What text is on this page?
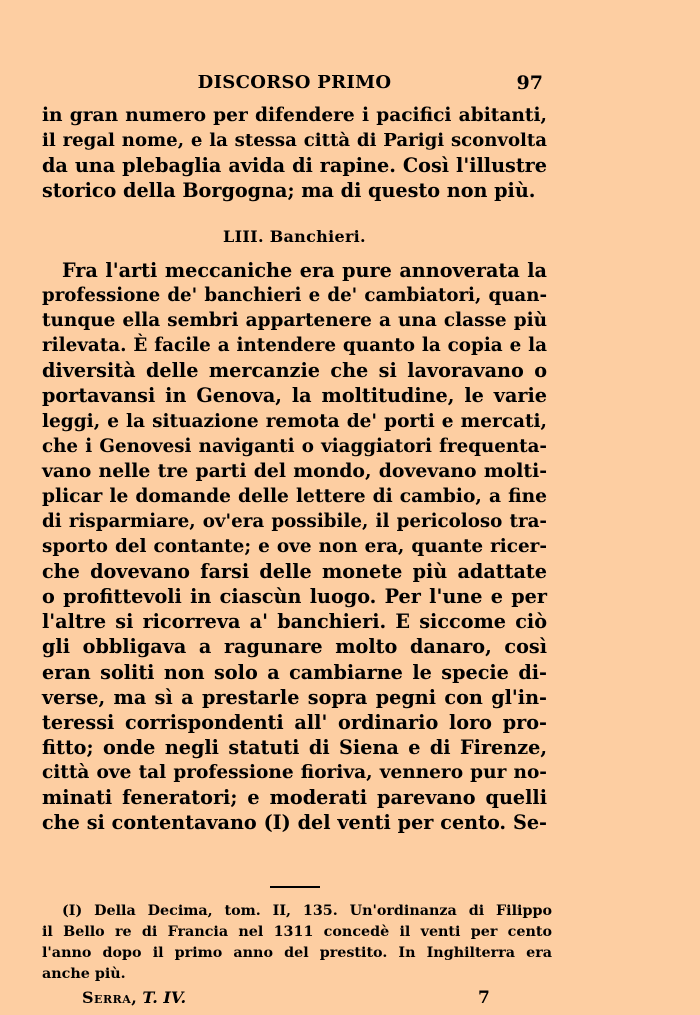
DISCORSO PRIMO	97
in gran numero per difendere i pacifici abitanti,
il regal nome, e la stessa città di Parigi sconvolta
da una plebaglia avida di rapine. Così l'illustre
storico della Borgogna; ma di questo non più.
LIII. Banchieri.
Fra l'arti meccaniche era pure annoverata la
professione de' banchieri e de' cambiatori, quan-
tunque ella sembri appartenere a una classe più
rilevata. È facile a intendere quanto la copia e la
diversità delle mercanzie che si lavoravano o
portavansi in Genova, la moltitudine, le varie
leggi, e la situazione remota de' porti e mercati,
che i Genovesi naviganti o viaggiatori frequenta-
vano nelle tre parti del mondo, dovevano molti-
plicar le domande delle lettere di cambio, a fine
di risparmiare, ov'era possibile, il pericoloso tra-
sporto del contante; e ove non era, quante ricer-
che dovevano farsi delle monete più adattate
o profittevoli in ciascùn luogo. Per l'une e per
l'altre si ricorreva a' banchieri. E siccome ciò
gli obbligava a ragunare molto danaro, così
eran soliti non solo a cambiarne le specie di-
verse, ma sì a prestarle sopra pegni con gl'in-
teressi corrispondenti all' ordinario loro pro-
fitto; onde negli statuti di Siena e di Firenze,
città ove tal professione fioriva, vennero pur no-
minati feneratori; e moderati parevano quelli
che si contentavano (I) del venti per cento. Se-
(I) Della Decima, tom. II, 135. Un'ordinanza di Filippo
il Bello re di Francia nel 1311 concedè il venti per cento
l'anno dopo il primo anno del prestito. In Inghilterra era
anche più.
Serra, T. IV.	7
